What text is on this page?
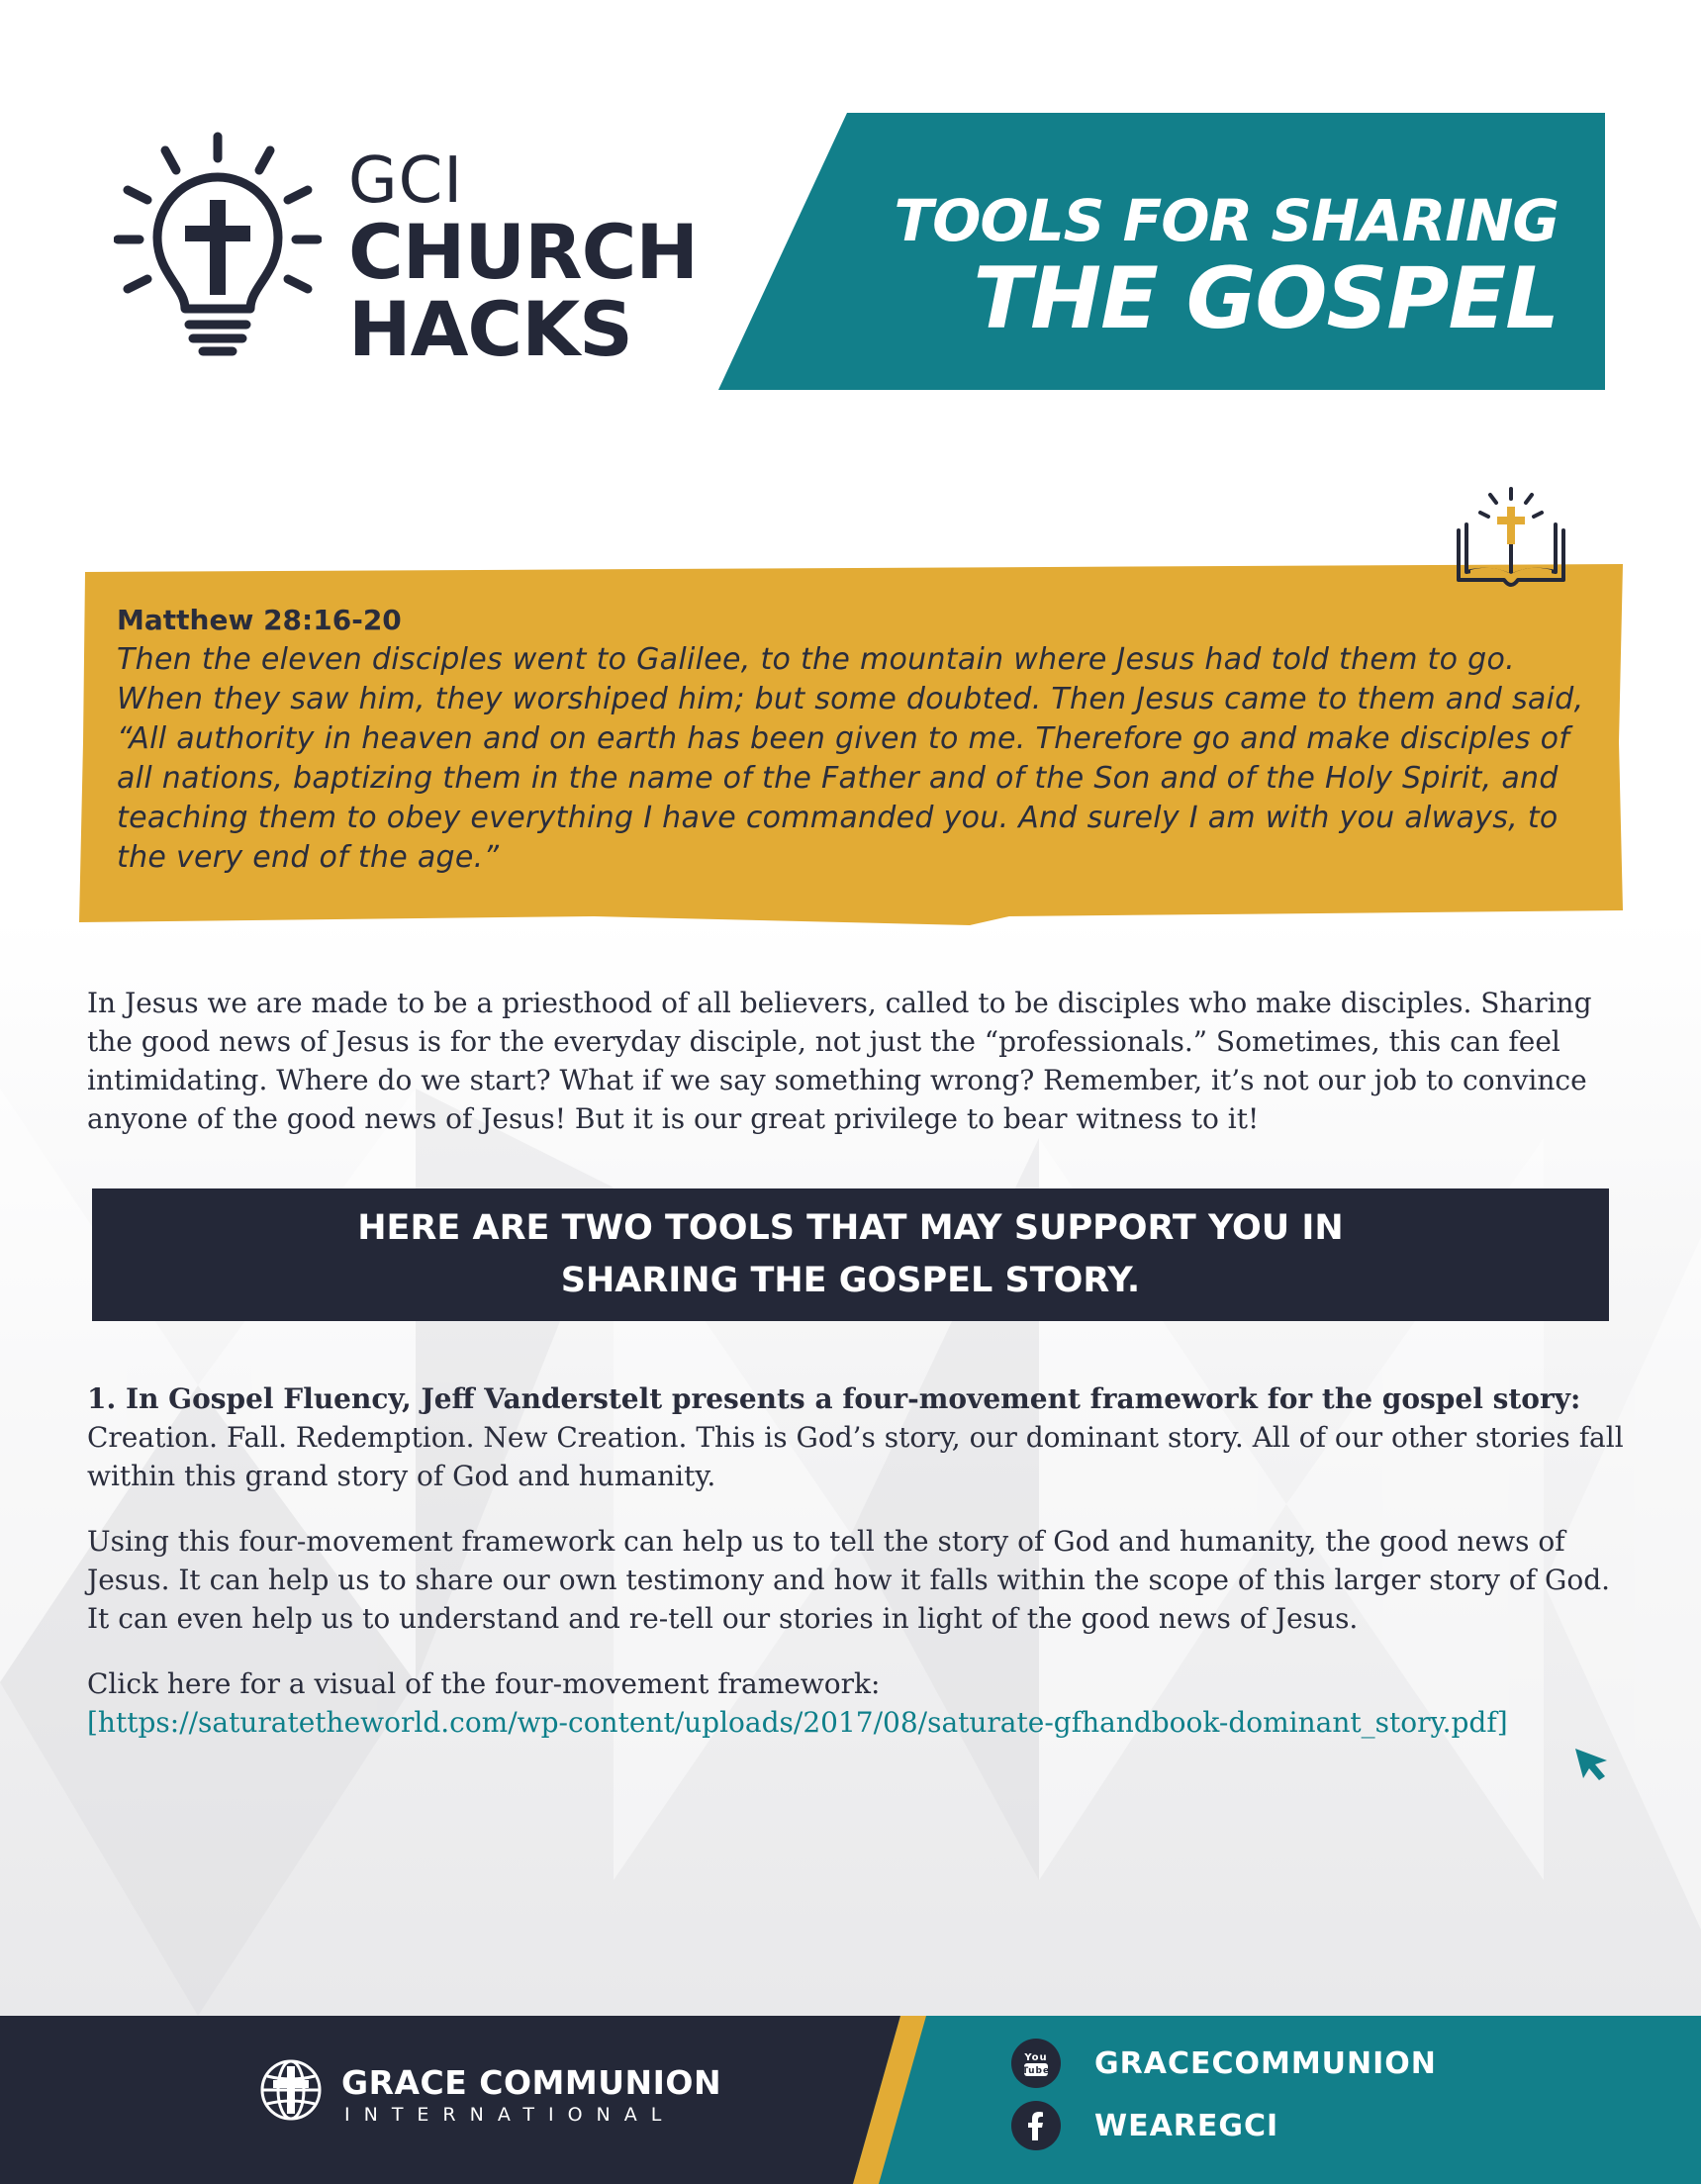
GCI
CHURCH
HACKS
TOOLS FOR SHARING
THE GOSPEL
Matthew 28:16-20
Then the eleven disciples went to Galilee, to the mountain where Jesus had told them to go. When they saw him, they worshiped him; but some doubted. Then Jesus came to them and said, “All authority in heaven and on earth has been given to me. Therefore go and make disciples of all nations, baptizing them in the name of the Father and of the Son and of the Holy Spirit, and teaching them to obey everything I have commanded you. And surely I am with you always, to the very end of the age.”

In Jesus we are made to be a priesthood of all believers, called to be disciples who make disciples. Sharing the good news of Jesus is for the everyday disciple, not just the “professionals.” Sometimes, this can feel intimidating. Where do we start? What if we say something wrong? Remember, it’s not our job to convince anyone of the good news of Jesus! But it is our great privilege to bear witness to it!

HERE ARE TWO TOOLS THAT MAY SUPPORT YOU IN
SHARING THE GOSPEL STORY.

1. In Gospel Fluency, Jeff Vanderstelt presents a four-movement framework for the gospel story:
Creation. Fall. Redemption. New Creation. This is God’s story, our dominant story. All of our other stories fall within this grand story of God and humanity.

Using this four-movement framework can help us to tell the story of God and humanity, the good news of Jesus. It can help us to share our own testimony and how it falls within the scope of this larger story of God. It can even help us to understand and re-tell our stories in light of the good news of Jesus.

Click here for a visual of the four-movement framework:
[https://saturatetheworld.com/wp-content/uploads/2017/08/saturate-gfhandbook-dominant_story.pdf]

GRACE COMMUNION
INTERNATIONAL
You
Tube GRACECOMMUNION
WEAREGCI
